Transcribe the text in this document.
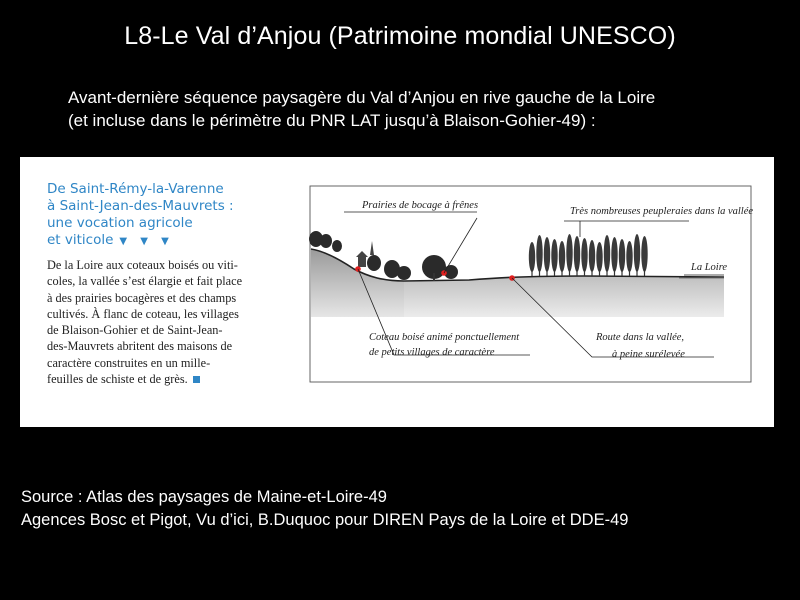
L8-Le Val d’Anjou (Patrimoine mondial UNESCO)
Avant-dernière séquence paysagère du Val d’Anjou en rive gauche de la Loire
(et incluse dans le périmètre du PNR LAT jusqu’à Blaison-Gohier-49) :
De Saint-Rémy-la-Varenne
à Saint-Jean-des-Mauvrets :
une vocation agricole
et viticole ▼ ▼ ▼
De la Loire aux coteaux boisés ou viti-
coles, la vallée s’est élargie et fait place
à des prairies bocagères et des champs
cultivés. À flanc de coteau, les villages
de Blaison-Gohier et de Saint-Jean-
des-Mauvrets abritent des maisons de
caractère construites en un mille-
feuilles de schiste et de grès.
Prairies de bocage à frênes
Très nombreuses peupleraies dans la vallée
La Loire
Coteau boisé animé ponctuellement
de petits villages de caractère
Route dans la vallée,
à peine surélevée
Source : Atlas des paysages de Maine-et-Loire-49
Agences Bosc et Pigot, Vu d’ici, B.Duquoc pour DIREN Pays de la Loire et DDE-49
